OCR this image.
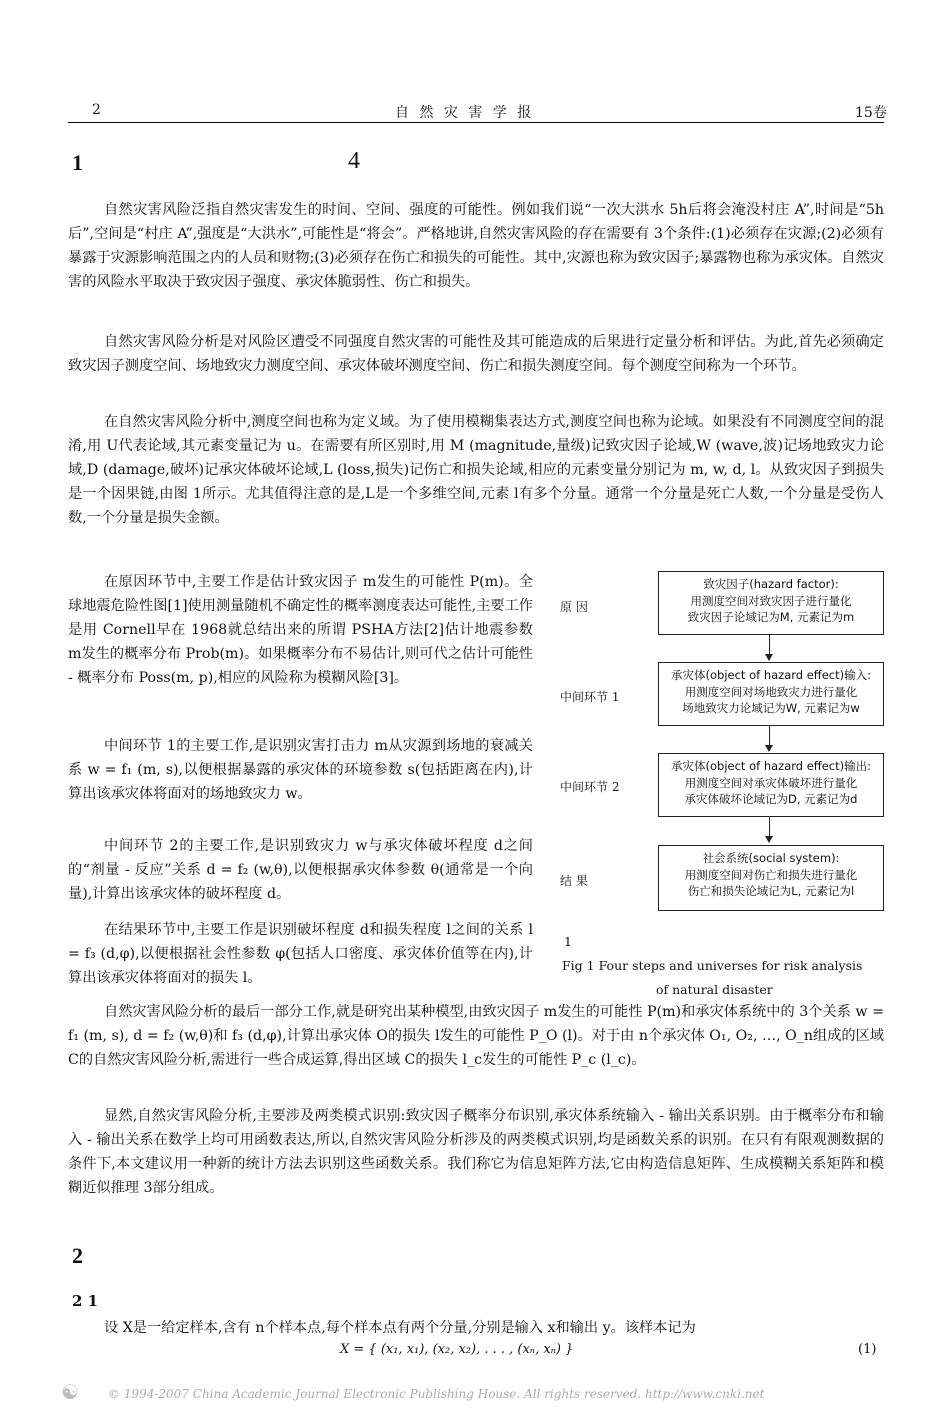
2	自 然 灾 害 学 报	15卷
1	4

自然灾害风险泛指自然灾害发生的时间、空间、强度的可能性。例如我们说“一次大洪水 5h后将会淹没村庄 A”,时间是“5h后”,空间是“村庄 A”,强度是“大洪水”,可能性是“将会”。严格地讲,自然灾害风险的存在需要有 3个条件:(1)必须存在灾源;(2)必须有暴露于灾源影响范围之内的人员和财物;(3)必须存在伤亡和损失的可能性。其中,灾源也称为致灾因子;暴露物也称为承灾体。自然灾害的风险水平取决于致灾因子强度、承灾体脆弱性、伤亡和损失。

自然灾害风险分析是对风险区遭受不同强度自然灾害的可能性及其可能造成的后果进行定量分析和评估。为此,首先必须确定致灾因子测度空间、场地致灾力测度空间、承灾体破坏测度空间、伤亡和损失测度空间。每个测度空间称为一个环节。

在自然灾害风险分析中,测度空间也称为定义域。为了使用模糊集表达方式,测度空间也称为论域。如果没有不同测度空间的混淆,用 U代表论域,其元素变量记为 u。在需要有所区别时,用 M (magnitude,量级)记致灾因子论域,W (wave,波)记场地致灾力论域,D (damage,破坏)记承灾体破坏论域,L (loss,损失)记伤亡和损失论域,相应的元素变量分别记为 m, w, d, l。从致灾因子到损失是一个因果链,由图 1所示。尤其值得注意的是,L是一个多维空间,元素 l有多个分量。通常一个分量是死亡人数,一个分量是受伤人数,一个分量是损失金额。

在原因环节中,主要工作是估计致灾因子 m发生的可能性 P(m)。全球地震危险性图[1]使用测量随机不确定性的概率测度表达可能性,主要工作是用 Cornell早在 1968就总结出来的所谓 PSHA方法[2]估计地震参数 m发生的概率分布 Prob(m)。如果概率分布不易估计,则可代之估计可能性 - 概率分布 Poss(m, p),相应的风险称为模糊风险[3]。

中间环节 1的主要工作,是识别灾害打击力 m从灾源到场地的衰减关系 w = f₁ (m, s),以便根据暴露的承灾体的环境参数 s(包括距离在内),计算出该承灾体将面对的场地致灾力 w。

中间环节 2的主要工作,是识别致灾力 w与承灾体破坏程度 d之间的“剂量 - 反应”关系 d = f₂ (w,θ),以便根据承灾体参数 θ(通常是一个向量),计算出该承灾体的破坏程度 d。

在结果环节中,主要工作是识别破坏程度 d和损失程度 l之间的关系 l = f₃ (d,φ),以便根据社会性参数 φ(包括人口密度、承灾体价值等在内),计算出该承灾体将面对的损失 l。

原 因
中间环节 1
中间环节 2
结 果
致灾因子(hazard factor):
用测度空间对致灾因子进行量化
致灾因子论域记为M, 元素记为m
承灾体(object of hazard effect)输入:
用测度空间对场地致灾力进行量化
场地致灾力论域记为W, 元素记为w
承灾体(object of hazard effect)输出:
用测度空间对承灾体破坏进行量化
承灾体破坏论域记为D, 元素记为d
社会系统(social system):
用测度空间对伤亡和损失进行量化
伤亡和损失论域记为L, 元素记为l
1
Fig 1 Four steps and universes for risk analysis
of natural disaster

自然灾害风险分析的最后一部分工作,就是研究出某种模型,由致灾因子 m发生的可能性 P(m)和承灾体系统中的 3个关系 w = f₁ (m, s), d = f₂ (w,θ)和 f₃ (d,φ),计算出承灾体 O的损失 l发生的可能性 P_O (l)。对于由 n个承灾体 O₁, O₂, …, O_n组成的区域 C的自然灾害风险分析,需进行一些合成运算,得出区域 C的损失 l_c发生的可能性 P_c (l_c)。

显然,自然灾害风险分析,主要涉及两类模式识别:致灾因子概率分布识别,承灾体系统输入 - 输出关系识别。由于概率分布和输入 - 输出关系在数学上均可用函数表达,所以,自然灾害风险分析涉及的两类模式识别,均是函数关系的识别。在只有有限观测数据的条件下,本文建议用一种新的统计方法去识别这些函数关系。我们称它为信息矩阵方法,它由构造信息矩阵、生成模糊关系矩阵和模糊近似推理 3部分组成。

2
2 1

设 X是一给定样本,含有 n个样本点,每个样本点有两个分量,分别是输入 x和输出 y。该样本记为

X = { (x₁, x₁), (x₂, x₂), . . . , (xₙ, xₙ) }	(1)
☯	© 1994-2007 China Academic Journal Electronic Publishing House. All rights reserved. http://www.cnki.net
